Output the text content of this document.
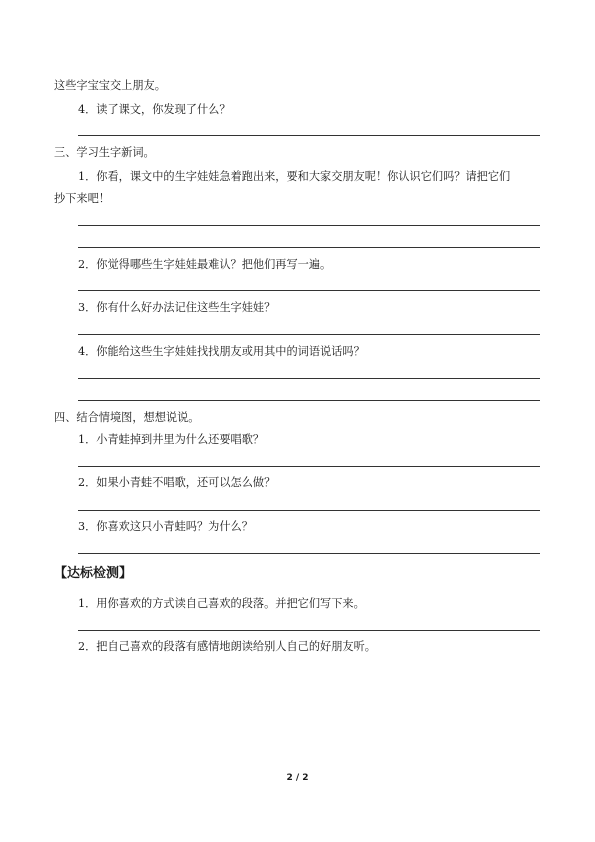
这些字宝宝交上朋友。

4．读了课文，你发现了什么？

三、学习生字新词。

1．你看，课文中的生字娃娃急着跑出来，要和大家交朋友呢！你认识它们吗？请把它们

抄下来吧！

2．你觉得哪些生字娃娃最难认？把他们再写一遍。

3．你有什么好办法记住这些生字娃娃？

4．你能给这些生字娃娃找找朋友或用其中的词语说话吗？

四、结合情境图，想想说说。

1．小青蛙掉到井里为什么还要唱歌？

2．如果小青蛙不唱歌，还可以怎么做？

3．你喜欢这只小青蛙吗？为什么？

【达标检测】

1．用你喜欢的方式读自己喜欢的段落。并把它们写下来。

2．把自己喜欢的段落有感情地朗读给别人自己的好朋友听。

2 / 2
